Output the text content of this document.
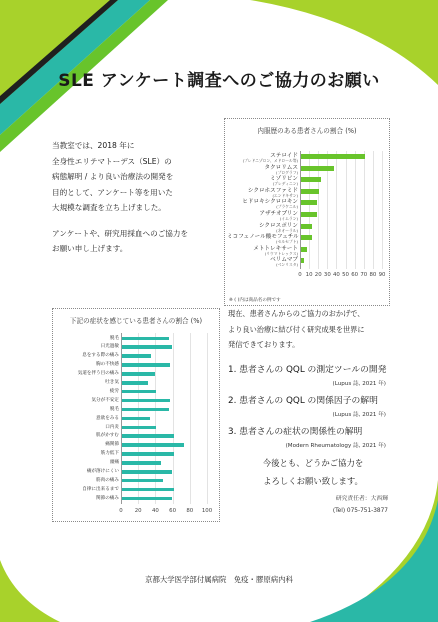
SLE アンケート調査へのご協力のお願い

当教室では、2018 年に
全身性エリテマトーデス（SLE）の
病態解明 / より良い治療法の開発を
目的として、アンケート等を用いた
大規模な調査を立ち上げました。

アンケートや、研究用採血へのご協力を
お願い申し上げます。

内服歴のある患者さんの割合 (%)
0 10 20 30 40 50 60 70 80 90
ステロイド
(プレドニゾロン、メドロール等)
タクロリムス
(プログラフ)
ミゾリビン
(ブレディニン)
シクロホスファミド
(エンドキサン)
ヒドロキシクロロキン
(プラケニル)
アザチオプリン
(イムラン)
シクロスポリン
(ネオーラル)
ミコフェノール酸モフェチル
(セルセプト)
メトトレキサート
(リウマトレックス)
ベリムマブ
(ベンリスタ)
※ ( )内は商品名の例です
下記の症状を感じている患者さんの割合 (%)
0	20	40	60	80	100
脱毛
日光過敏
息をする際の痛み
胸の不快感
気道を伴う目の痛み
吐き気
疲労
気分が不安定
脱毛
意欲をみる
口内炎
肌がかすむ
痛関節
筋力低下
頭痛
痛が溶けにくい
筋肉の痛み
自律に出来るまで
関節の痛み
現在、患者さんからのご協力のおかげで、
より良い治療に結び付く研究成果を世界に
発信できております。
1. 患者さんの QQL の測定ツールの開発
(Lupus 誌, 2021 年)
2. 患者さんの QQL の関係因子の解明
(Lupus 誌, 2021 年)
3. 患者さんの症状の関係性の解明
(Modern Rheumatology 誌, 2021 年)
今後とも、どうかご協力を
よろしくお願い致します。
研究責任者：大西輝
(Tel) 075-751-3877
京都大学医学部付属病院　免疫・膠原病内科
